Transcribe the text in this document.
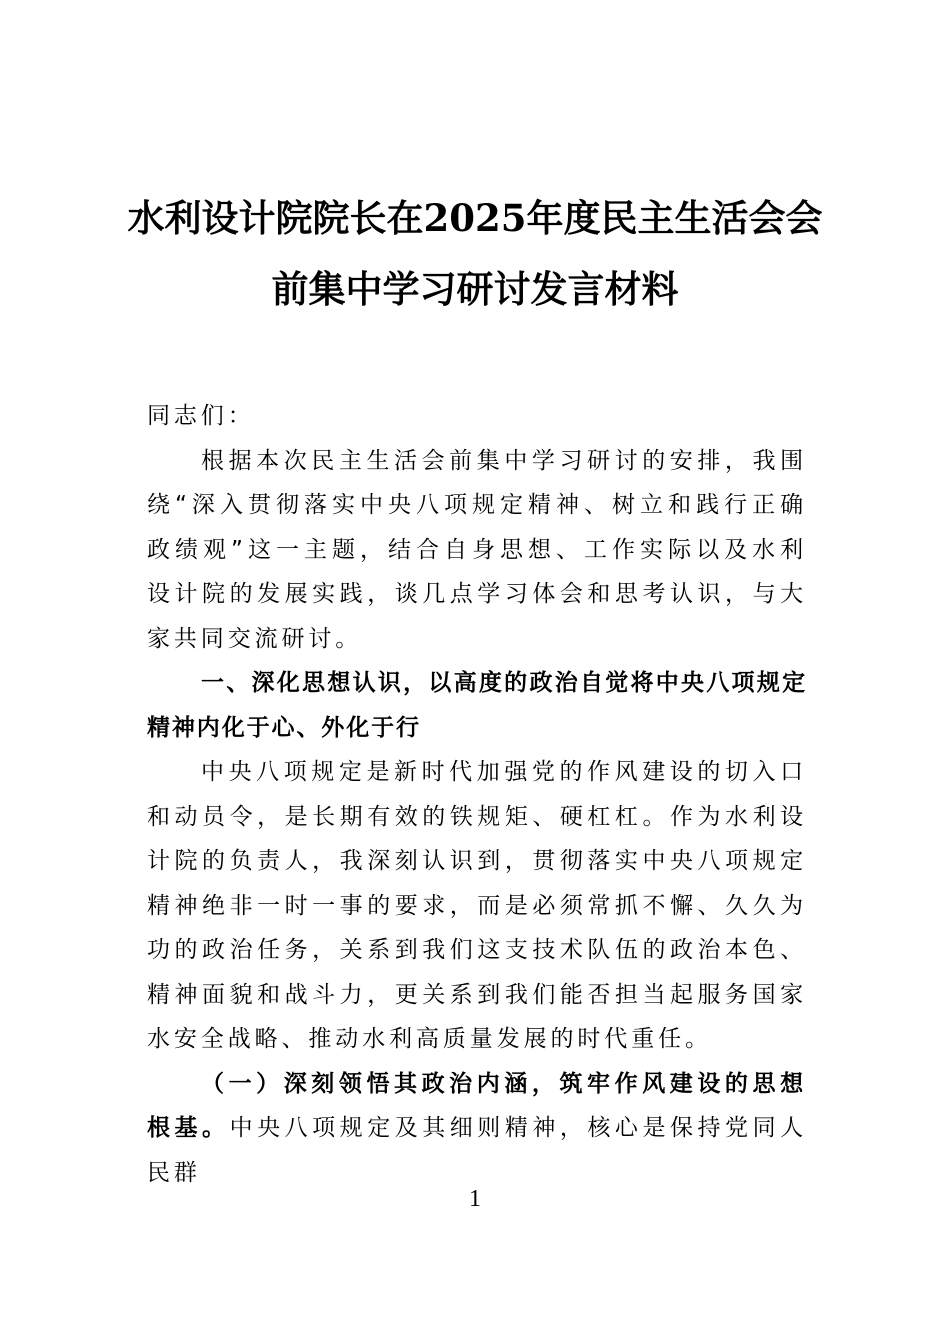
水利设计院院长在2025年度民主生活会会
前集中学习研讨发言材料

同志们：

根据本次民主生活会前集中学习研讨的安排，我围绕“深入贯彻落实中央八项规定精神、树立和践行正确政绩观”这一主题，结合自身思想、工作实际以及水利设计院的发展实践，谈几点学习体会和思考认识，与大家共同交流研讨。

一、深化思想认识，以高度的政治自觉将中央八项规定精神内化于心、外化于行

中央八项规定是新时代加强党的作风建设的切入口和动员令，是长期有效的铁规矩、硬杠杠。作为水利设计院的负责人，我深刻认识到，贯彻落实中央八项规定精神绝非一时一事的要求，而是必须常抓不懈、久久为功的政治任务，关系到我们这支技术队伍的政治本色、精神面貌和战斗力，更关系到我们能否担当起服务国家水安全战略、推动水利高质量发展的时代重任。

（一）深刻领悟其政治内涵，筑牢作风建设的思想根基。中央八项规定及其细则精神，核心是保持党同人民群

1
